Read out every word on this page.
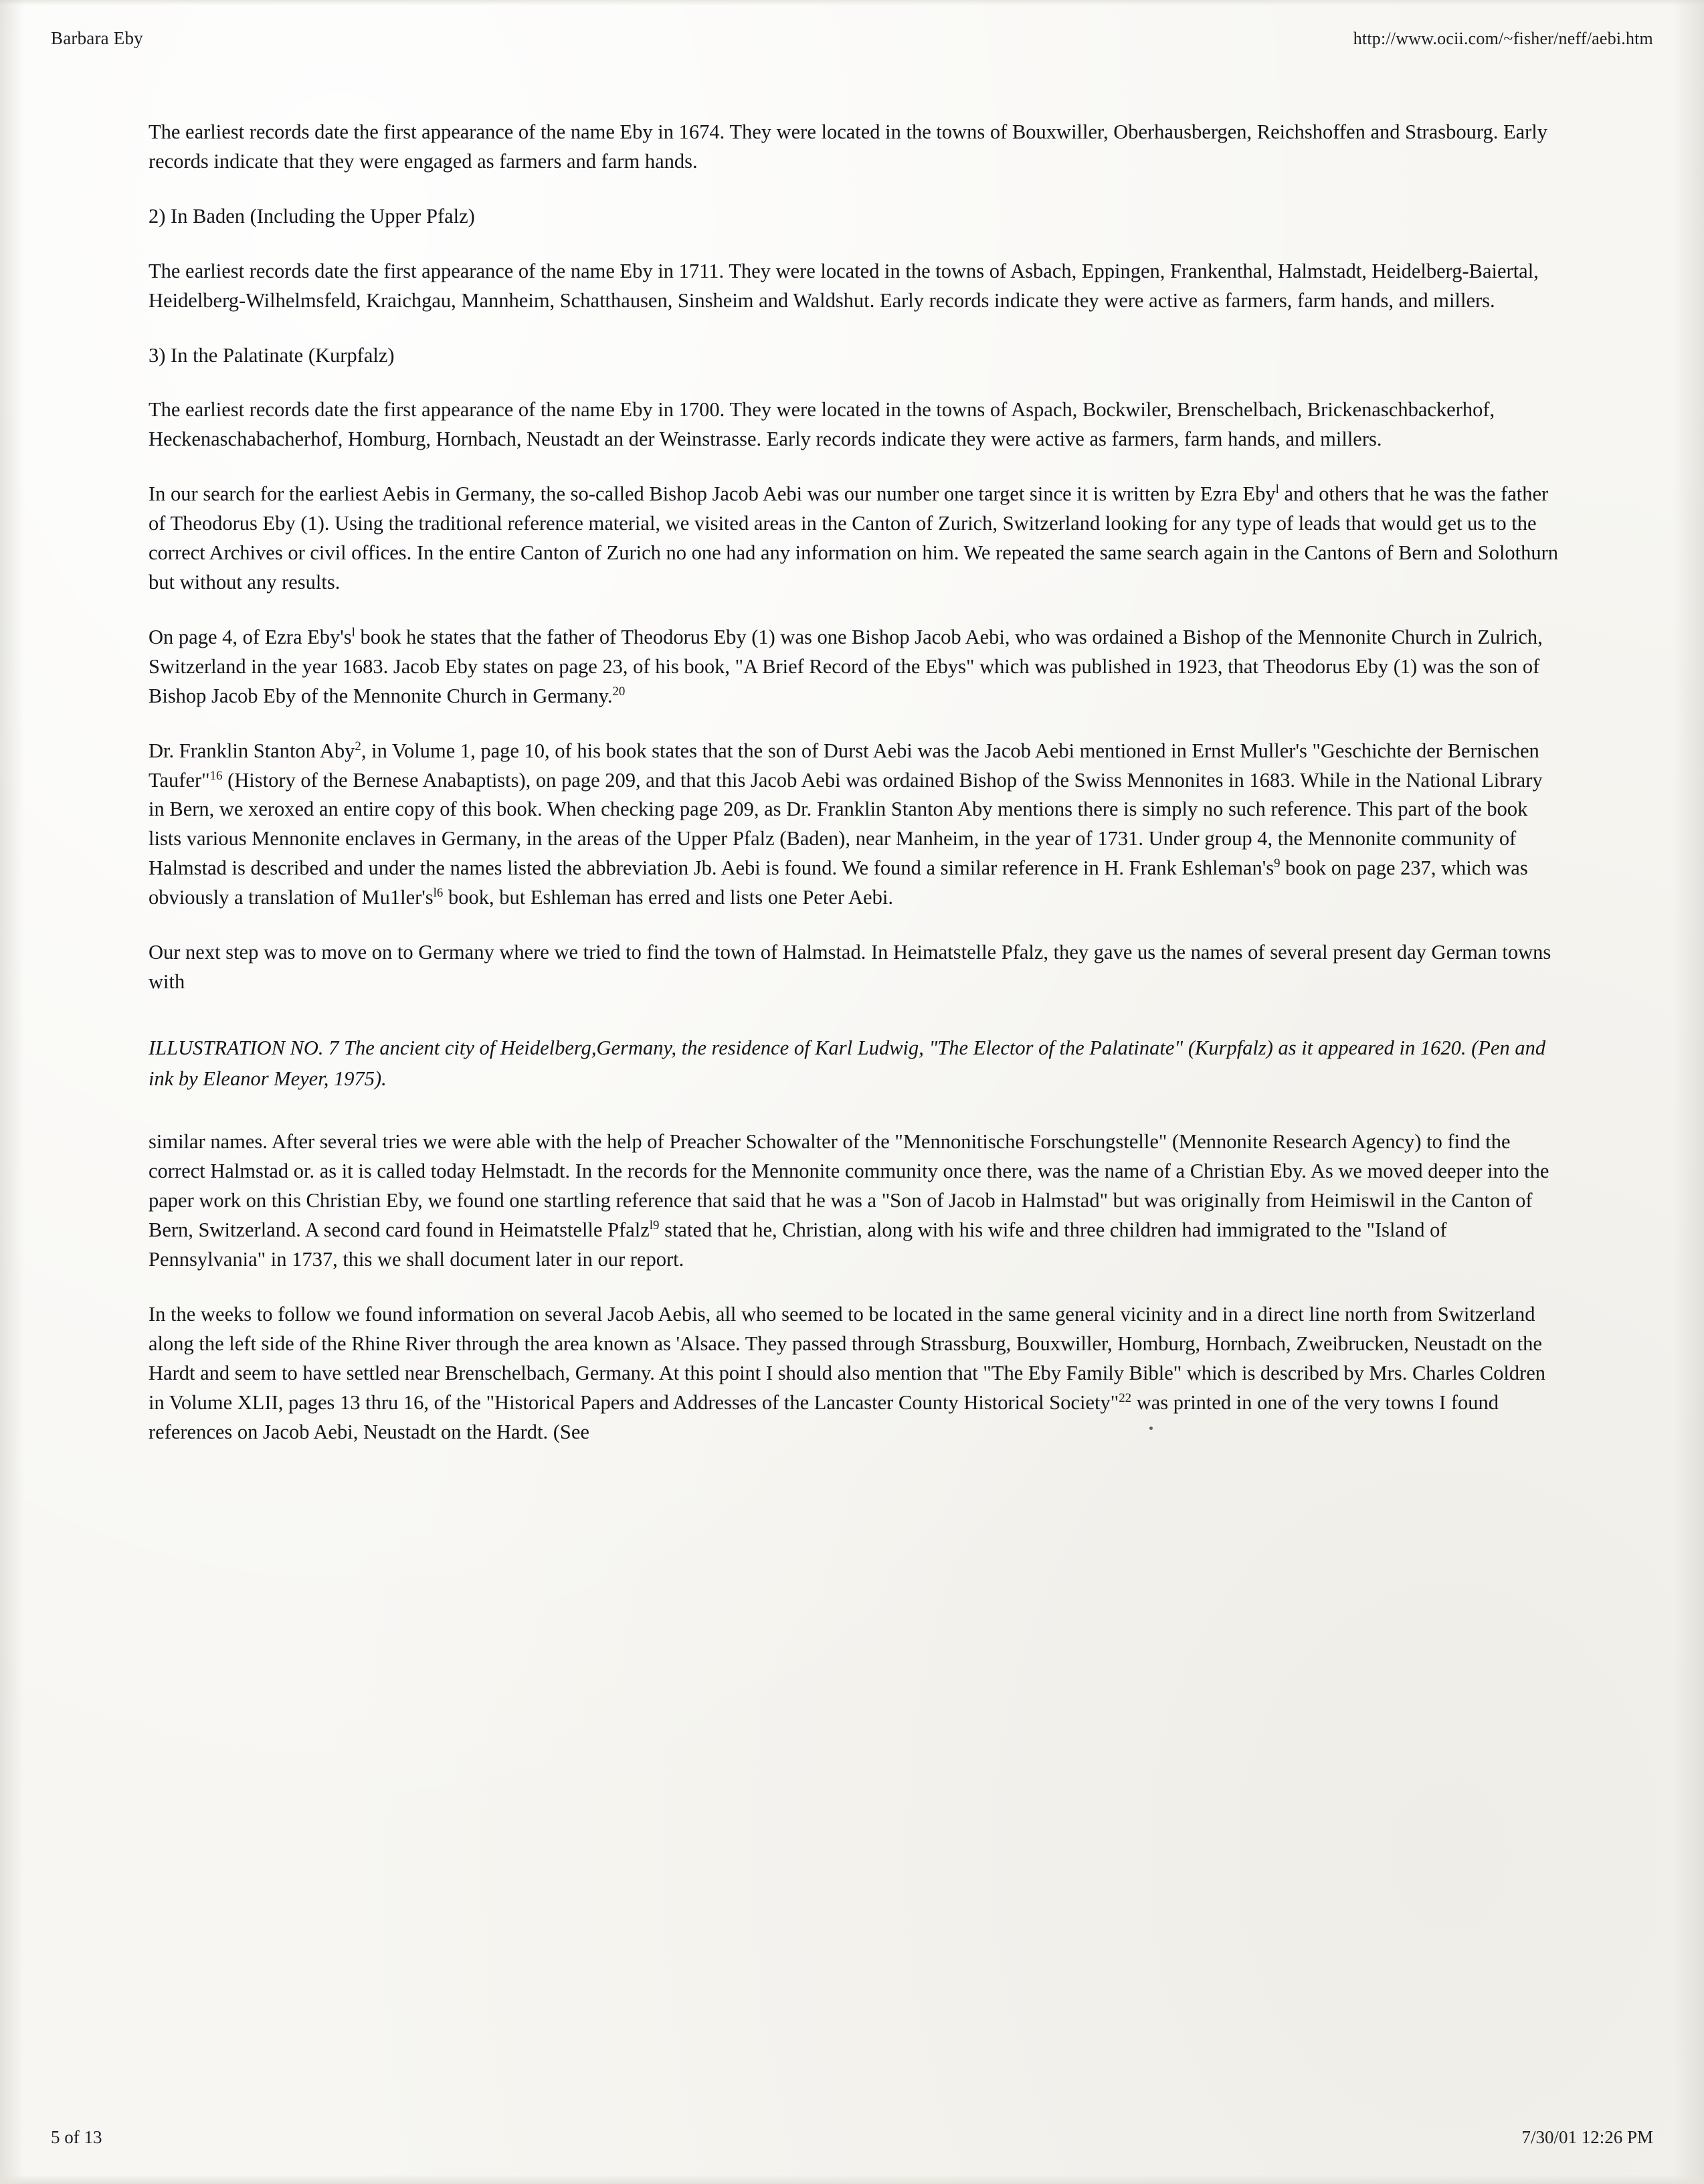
Barbara Eby	http://www.ocii.com/~fisher/neff/aebi.htm

The earliest records date the first appearance of the name Eby in 1674. They were located in the towns of Bouxwiller, Oberhausbergen, Reichshoffen and Strasbourg. Early records indicate that they were engaged as farmers and farm hands.

2) In Baden (Including the Upper Pfalz)

The earliest records date the first appearance of the name Eby in 1711. They were located in the towns of Asbach, Eppingen, Frankenthal, Halmstadt, Heidelberg-Baiertal, Heidelberg-Wilhelmsfeld, Kraichgau, Mannheim, Schatthausen, Sinsheim and Waldshut. Early records indicate they were active as farmers, farm hands, and millers.

3) In the Palatinate (Kurpfalz)

The earliest records date the first appearance of the name Eby in 1700. They were located in the towns of Aspach, Bockwiler, Brenschelbach, Brickenaschbackerhof, Heckenaschabacherhof, Homburg, Hornbach, Neustadt an der Weinstrasse. Early records indicate they were active as farmers, farm hands, and millers.

In our search for the earliest Aebis in Germany, the so-called Bishop Jacob Aebi was our number one target since it is written by Ezra Eby$^l$ and others that he was the father of Theodorus Eby (1). Using the traditional reference material, we visited areas in the Canton of Zurich, Switzerland looking for any type of leads that would get us to the correct Archives or civil offices. In the entire Canton of Zurich no one had any information on him. We repeated the same search again in the Cantons of Bern and Solothurn but without any results.

On page 4, of Ezra $Eby's^l$ book he states that the father of Theodorus Eby (1) was one Bishop Jacob Aebi, who was ordained a Bishop of the Mennonite Church in Zulrich, Switzerland in the year 1683. Jacob Eby states on page 23, of his book, "A Brief Record of the Ebys" which was published in 1923, that Theodorus Eby (1) was the son of Bishop Jacob Eby of the Mennonite Church in Germany.$^{20}$

Dr. Franklin Stanton Aby$^2$, in Volume 1, page 10, of his book states that the son of Durst Aebi was the Jacob Aebi mentioned in Ernst Muller's "Geschichte der Bernischen Taufer"$^{16}$ (History of the Bernese Anabaptists), on page 209, and that this Jacob Aebi was ordained Bishop of the Swiss Mennonites in 1683. While in the National Library in Bern, we xeroxed an entire copy of this book. When checking page 209, as Dr. Franklin Stanton Aby mentions there is simply no such reference. This part of the book lists various Mennonite enclaves in Germany, in the areas of the Upper Pfalz (Baden), near Manheim, in the year of 1731. Under group 4, the Mennonite community of Halmstad is described and under the names listed the abbreviation Jb. Aebi is found. We found a similar reference in H. Frank $Eshleman's^9$ book on page 237, which was obviously a translation of $Mu1ler's^{l6}$ book, but Eshleman has erred and lists one Peter Aebi.

Our next step was to move on to Germany where we tried to find the town of Halmstad. In Heimatstelle Pfalz, they gave us the names of several present day German towns with

ILLUSTRATION NO. 7 The ancient city of Heidelberg,Germany, the residence of Karl Ludwig, "The Elector of the Palatinate" (Kurpfalz) as it appeared in 1620. (Pen and ink by Eleanor Meyer, 1975).

similar names. After several tries we were able with the help of Preacher Schowalter of the "Mennonitische Forschungstelle" (Mennonite Research Agency) to find the correct Halmstad or. as it is called today Helmstadt. In the records for the Mennonite community once there, was the name of a Christian Eby. As we moved deeper into the paper work on this Christian Eby, we found one startling reference that said that he was a "Son of Jacob in Halmstad" but was originally from Heimiswil in the Canton of Bern, Switzerland. A second card found in Heimatstelle Pfalz$^{l9}$ stated that he, Christian, along with his wife and three children had immigrated to the "Island of Pennsylvania" in 1737, this we shall document later in our report.

In the weeks to follow we found information on several Jacob Aebis, all who seemed to be located in the same general vicinity and in a direct line north from Switzerland along the left side of the Rhine River through the area known as 'Alsace. They passed through Strassburg, Bouxwiller, Homburg, Hornbach, Zweibrucken, Neustadt on the Hardt and seem to have settled near Brenschelbach, Germany. At this point I should also mention that "The Eby Family Bible" which is described by Mrs. Charles Coldren in Volume XLII, pages 13 thru 16, of the "Historical Papers and Addresses of the Lancaster County Historical Society"$^{22}$ was printed in one of the very towns I found references on Jacob Aebi, Neustadt on the Hardt. (See

5 of 13	7/30/01 12:26 PM
